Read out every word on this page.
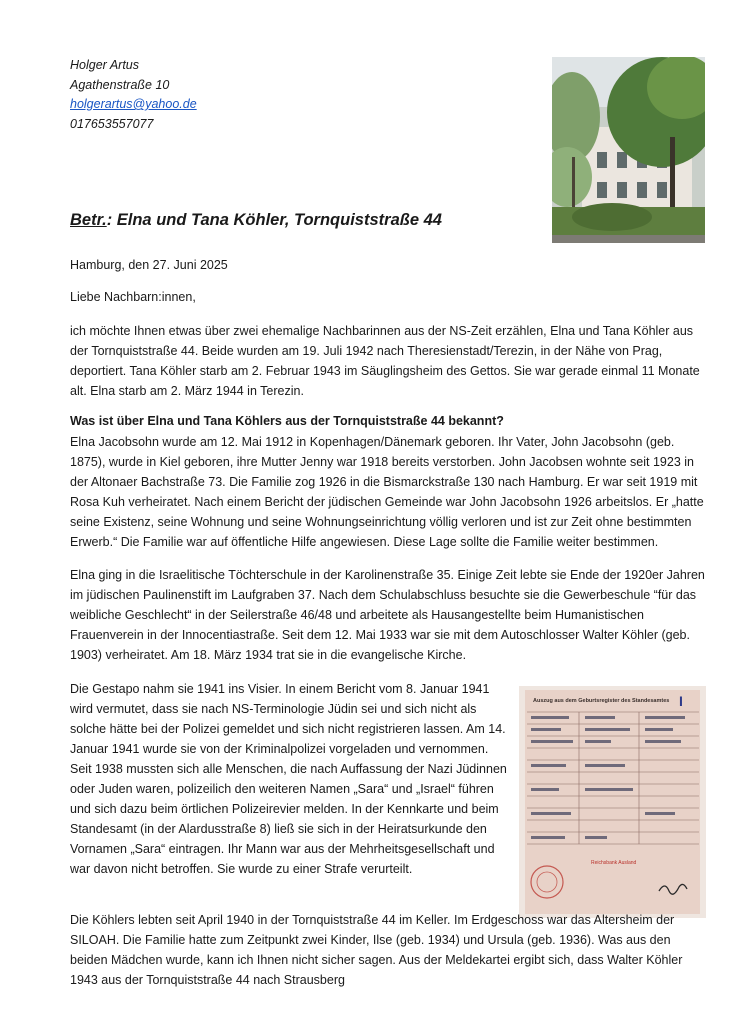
Holger Artus
Agathenstraße 10
holgerartus@yahoo.de
017653557077
Betr.: Elna und Tana Köhler, Tornquiststraße 44
Hamburg, den 27. Juni 2025
Liebe Nachbarn:innen,
ich möchte Ihnen etwas über zwei ehemalige Nachbarinnen aus der NS-Zeit erzählen, Elna und Tana Köhler aus der Tornquiststraße 44. Beide wurden am 19. Juli 1942 nach Theresienstadt/Terezin, in der Nähe von Prag, deportiert. Tana Köhler starb am 2. Februar 1943 im Säuglingsheim des Gettos. Sie war gerade einmal 11 Monate alt. Elna starb am 2. März 1944 in Terezin.
Was ist über Elna und Tana Köhlers aus der Tornquiststraße 44 bekannt?
Elna Jacobsohn wurde am 12. Mai 1912 in Kopenhagen/Dänemark geboren. Ihr Vater, John Jacobsohn (geb. 1875), wurde in Kiel geboren, ihre Mutter Jenny war 1918 bereits verstorben. John Jacobsen wohnte seit 1923 in der Altonaer Bachstraße 73. Die Familie zog 1926 in die Bismarckstraße 130 nach Hamburg. Er war seit 1919 mit Rosa Kuh verheiratet. Nach einem Bericht der jüdischen Gemeinde war John Jacobsohn 1926 arbeitslos. Er „hatte seine Existenz, seine Wohnung und seine Wohnungseinrichtung völlig verloren und ist zur Zeit ohne bestimmten Erwerb.“ Die Familie war auf öffentliche Hilfe angewiesen. Diese Lage sollte die Familie weiter bestimmen.
Elna ging in die Israelitische Töchterschule in der Karolinenstraße 35. Einige Zeit lebte sie Ende der 1920er Jahren im jüdischen Paulinenstift im Laufgraben 37. Nach dem Schulabschluss besuchte sie die Gewerbeschule “für das weibliche Geschlecht“ in der Seilerstraße 46/48 und arbeitete als Hausangestellte beim Humanistischen Frauenverein in der Innocentiastraße. Seit dem 12. Mai 1933 war sie mit dem Autoschlosser Walter Köhler (geb. 1903) verheiratet. Am 18. März 1934 trat sie in die evangelische Kirche.
Die Gestapo nahm sie 1941 ins Visier. In einem Bericht vom 8. Januar 1941 wird vermutet, dass sie nach NS-Terminologie Jüdin sei und sich nicht als solche hätte bei der Polizei gemeldet und sich nicht registrieren lassen. Am 14. Januar 1941 wurde sie von der Kriminalpolizei vorgeladen und vernommen. Seit 1938 mussten sich alle Menschen, die nach Auffassung der Nazi Jüdinnen oder Juden waren, polizeilich den weiteren Namen „Sara“ und „Israel“ führen und sich dazu beim örtlichen Polizeirevier melden. In der Kennkarte und beim Standesamt (in der Alardusstraße 8) ließ sie sich in der Heiratsurkunde den Vornamen „Sara“ eintragen. Ihr Mann war aus der Mehrheitsgesellschaft und war davon nicht betroffen. Sie wurde zu einer Strafe verurteilt.
Auszug aus dem Geburtsregister des Standesamtes I
Reichsbank Ausland
Die Köhlers lebten seit April 1940 in der Tornquiststraße 44 im Keller. Im Erdgeschoss war das Altersheim der SILOAH. Die Familie hatte zum Zeitpunkt zwei Kinder, Ilse (geb. 1934) und Ursula (geb. 1936). Was aus den beiden Mädchen wurde, kann ich Ihnen nicht sicher sagen. Aus der Meldekartei ergibt sich, dass Walter Köhler 1943 aus der Tornquiststraße 44 nach Strausberg
